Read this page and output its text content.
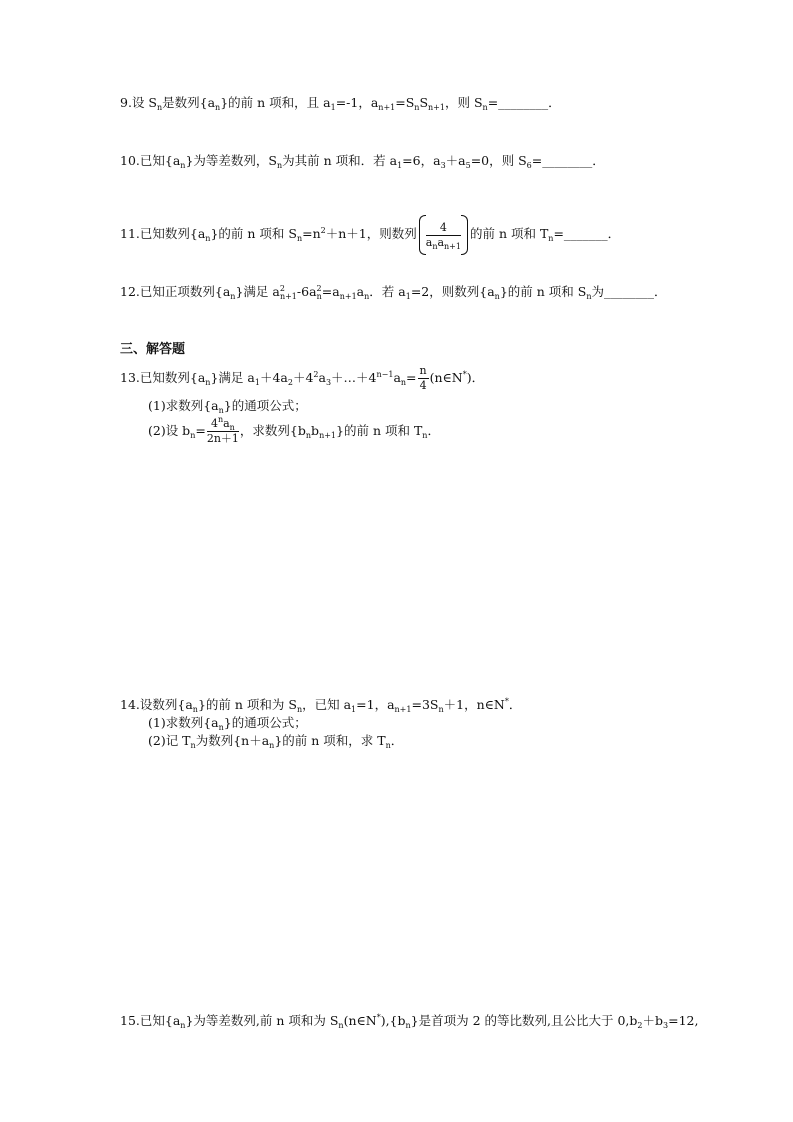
9.设 $S_n$是数列$\{a_n\}$的前 n 项和，且 $a_1=-1$，$a_{n+1}=S_nS_{n+1}$，则 $S_n=\_\_\_\_\_\_\_\_$．
10.已知$\{a_n\}$为等差数列，$S_n$为其前 n 项和．若 $a_1=6$，$a_3+a_5=0$，则 $S_6=\_\_\_\_\_\_\_\_$．
11.已知数列$\{a_n\}$的前 n 项和 $S_n=n^2+n+1$，则数列 $\frac{4}{a_na_{n+1}}$ 的前 n 项和 $T_n=\_\_\_\_\_\_\_$．
12.已知正项数列$\{a_n\}$满足 $a^2_{n+1}-6a^2_n=a_{n+1}a_n$．若 $a_1=2$，则数列$\{a_n\}$的前 n 项和 $S_n$为________．
三、解答题
13.已知数列$\{a_n\}$满足 $a_1+4a_2+4^2a_3+\dots+4^{n-1}a_n= \frac{n}{4}$ (n∈N*)．
(1)求数列$\{a_n\}$的通项公式；
(2)设 $b_n= \frac{4^na_n}{2n+1}$ ，求数列$\{b_nb_{n+1}\}$的前 n 项和 $T_n$．
14.设数列$\{a_n\}$的前 n 项和为 $S_n$，已知 $a_1=1$，$a_{n+1}=3S_n+1$，n∈N*．
(1)求数列$\{a_n\}$的通项公式；
(2)记 $T_n$为数列$\{n+a_n\}$的前 n 项和，求 $T_n$．
15.已知$\{a_n\}$为等差数列,前 n 项和为 $S_n(n\in N^*),\{b_n\}$是首项为 2 的等比数列,且公比大于 $0,b_2+b_3=12$,
